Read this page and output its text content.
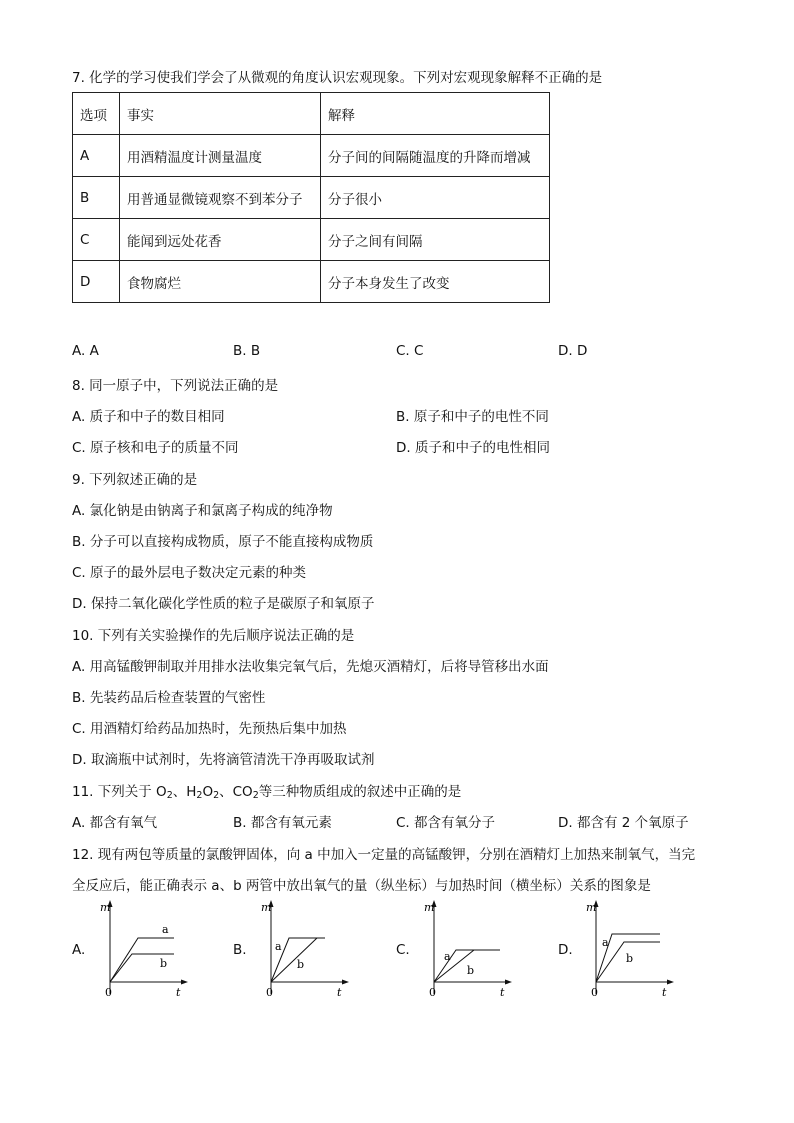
7. 化学的学习使我们学会了从微观的角度认识宏观现象。下列对宏观现象解释不正确的是
选项	事实	解释
A	用酒精温度计测量温度	分子间的间隔随温度的升降而增减
B	用普通显微镜观察不到苯分子	分子很小
C	能闻到远处花香	分子之间有间隔
D	食物腐烂	分子本身发生了改变
A. A	B. B	C. C	D. D
8. 同一原子中，下列说法正确的是
A. 质子和中子的数目相同	B. 原子和中子的电性不同
C. 原子核和电子的质量不同	D. 质子和中子的电性相同
9. 下列叙述正确的是
A. 氯化钠是由钠离子和氯离子构成的纯净物
B. 分子可以直接构成物质，原子不能直接构成物质
C. 原子的最外层电子数决定元素的种类
D. 保持二氧化碳化学性质的粒子是碳原子和氧原子
10. 下列有关实验操作的先后顺序说法正确的是
A. 用高锰酸钾制取并用排水法收集完氧气后，先熄灭酒精灯，后将导管移出水面
B. 先装药品后检查装置的气密性
C. 用酒精灯给药品加热时，先预热后集中加热
D. 取滴瓶中试剂时，先将滴管清洗干净再吸取试剂
11. 下列关于 $O_2$、$H_2O_2$、$CO_2$等三种物质组成的叙述中正确的是
A. 都含有氧气	B. 都含有氧元素	C. 都含有氧分子	D. 都含有 2 个氧原子
12. 现有两包等质量的氯酸钾固体，向 a 中加入一定量的高锰酸钾，分别在酒精灯上加热来制氧气，当完
全反应后，能正确表示 a、b 两管中放出氧气的量（纵坐标）与加热时间（横坐标）关系的图象是
A.
m
t
0
a
b
B.
m
t
0
a
b
C.
m
t
0
a
b
D.
m
t
0
a
b
